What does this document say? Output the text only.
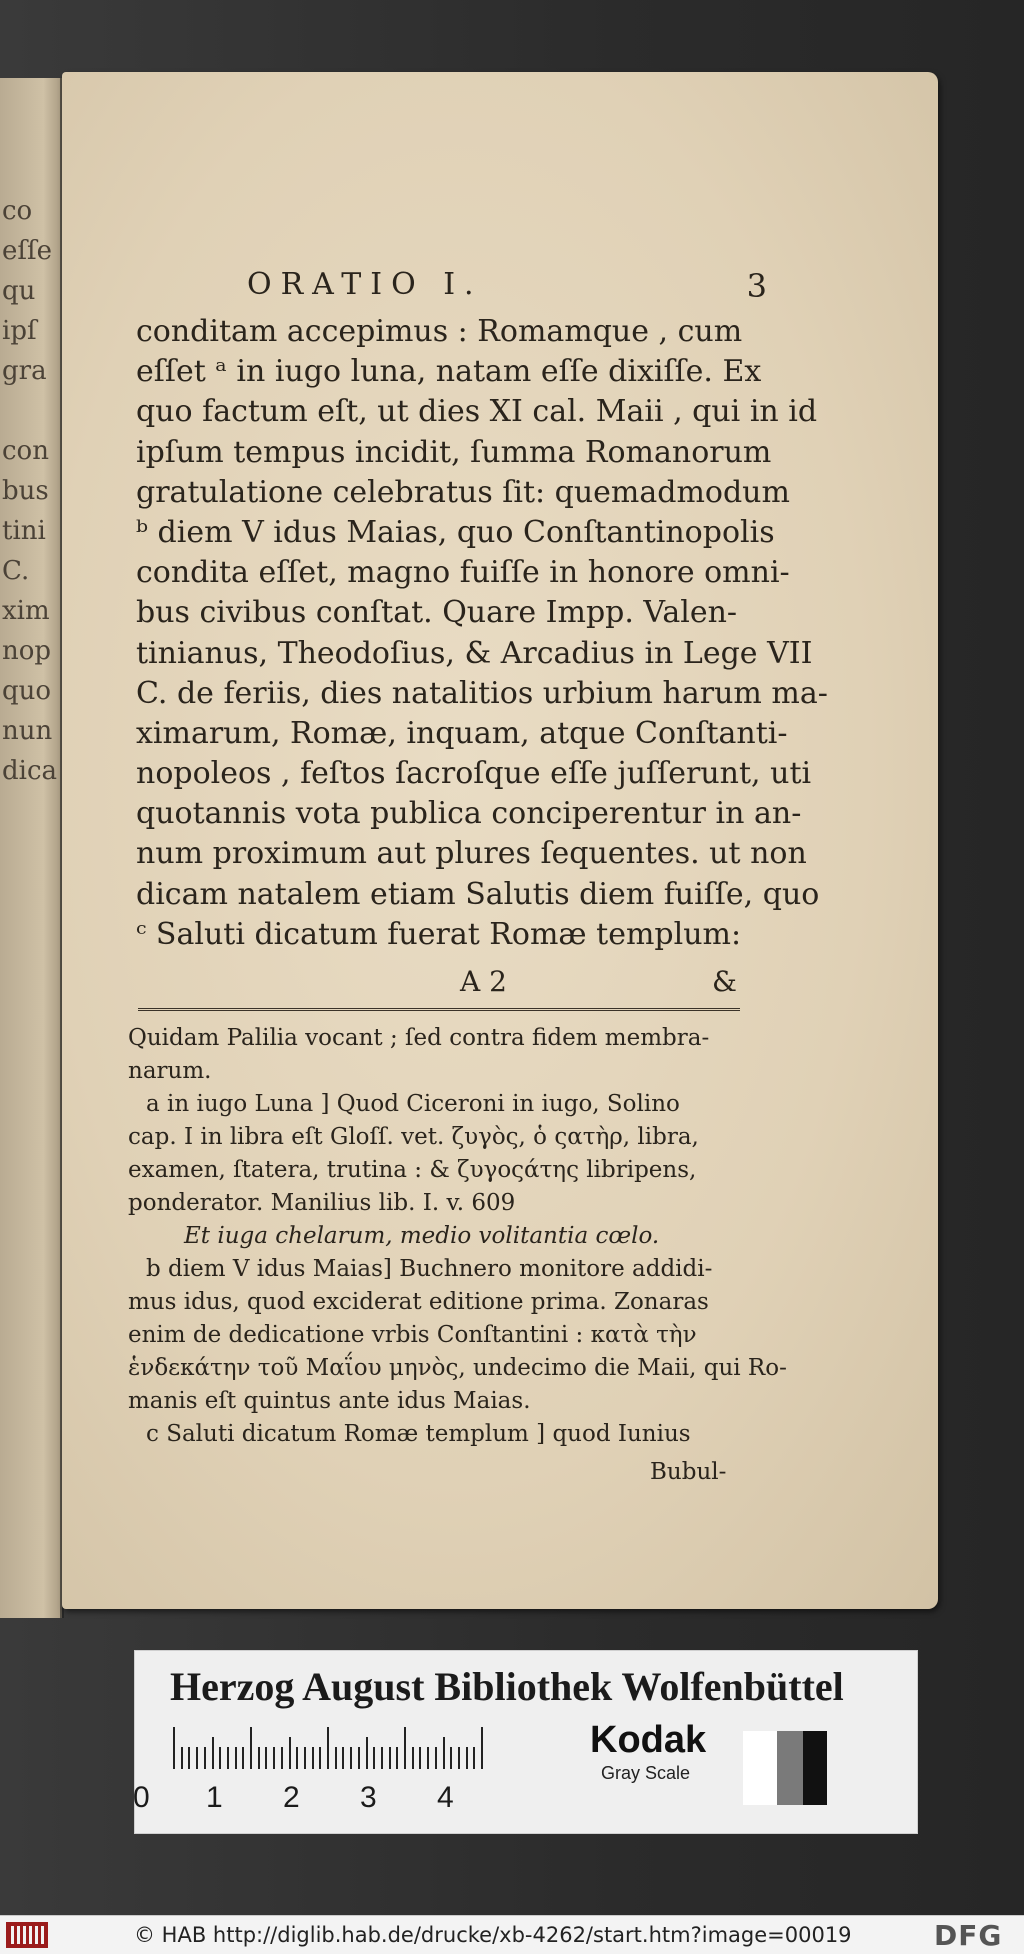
co
eſſe
qu
ipſ
gra
con
bus
tini
C.
xim
nop
quo
nun
dica
ORATIO I.	3
conditam accepimus : Romamque , cum
eſſet ᵃ in iugo luna, natam eſſe dixiſſe. Ex
quo factum eſt, ut dies XI cal. Maii , qui in id
ipſum tempus incidit, ſumma Romanorum
gratulatione celebratus ſit: quemadmodum
ᵇ diem V idus Maias, quo Conſtantinopolis
condita eſſet, magno fuiſſe in honore omni-
bus civibus conſtat. Quare Impp. Valen-
tinianus, Theodoſius, & Arcadius in Lege VII
C. de feriis, dies natalitios urbium harum ma-
ximarum, Romæ, inquam, atque Conſtanti-
nopoleos , feſtos ſacroſque eſſe juſſerunt, uti
quotannis vota publica conciperentur in an-
num proximum aut plures ſequentes. ut non
dicam natalem etiam Salutis diem fuiſſe, quo
ᶜ Saluti dicatum fuerat Romæ templum:
A 2	&
Quidam Palilia vocant ; ſed contra fidem membra-
narum.
a in iugo Luna ] Quod Ciceroni in iugo, Solino
cap. I in libra eſt Gloſſ. vet. ζυγὸς, ὁ ςατὴρ, libra,
examen, ſtatera, trutina : & ζυγοςάτης libripens,
ponderator. Manilius lib. I. v. 609
Et iuga chelarum, medio volitantia cœlo.
b diem V idus Maias] Buchnero monitore addidi-
mus idus, quod exciderat editione prima. Zonaras
enim de dedicatione vrbis Conſtantini : κατὰ τὴν
ἑνδεκάτην τοῦ Μαΐου μηνὸς, undecimo die Maii, qui Ro-
manis eſt quintus ante idus Maias.
c Saluti dicatum Romæ templum ] quod Iunius
Bubul-
Herzog August Bibliothek Wolfenbüttel
0 1 2 3 4
Kodak
Gray Scale
© HAB http://diglib.hab.de/drucke/xb-4262/start.htm?image=00019	DFG
